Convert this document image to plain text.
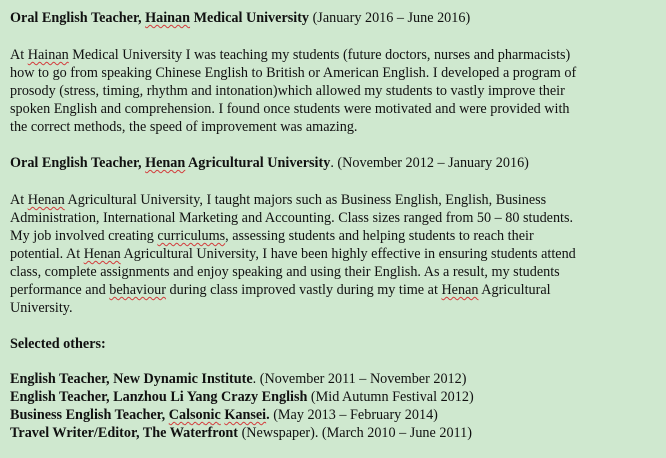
Oral English Teacher, Hainan Medical University (January 2016 – June 2016)

At Hainan Medical University I was teaching my students (future doctors, nurses and pharmacists)
how to go from speaking Chinese English to British or American English. I developed a program of
prosody (stress, timing, rhythm and intonation)which allowed my students to vastly improve their
spoken English and comprehension. I found once students were motivated and were provided with
the correct methods, the speed of improvement was amazing.

Oral English Teacher, Henan Agricultural University. (November 2012 – January 2016)

At Henan Agricultural University, I taught majors such as Business English, English, Business
Administration, International Marketing and Accounting. Class sizes ranged from 50 – 80 students.
My job involved creating curriculums, assessing students and helping students to reach their
potential. At Henan Agricultural University, I have been highly effective in ensuring students attend
class, complete assignments and enjoy speaking and using their English. As a result, my students
performance and behaviour during class improved vastly during my time at Henan Agricultural
University.

Selected others:

English Teacher, New Dynamic Institute. (November 2011 – November 2012)
English Teacher, Lanzhou Li Yang Crazy English (Mid Autumn Festival 2012)
Business English Teacher, Calsonic Kansei. (May 2013 – February 2014)
Travel Writer/Editor, The Waterfront (Newspaper). (March 2010 – June 2011)
